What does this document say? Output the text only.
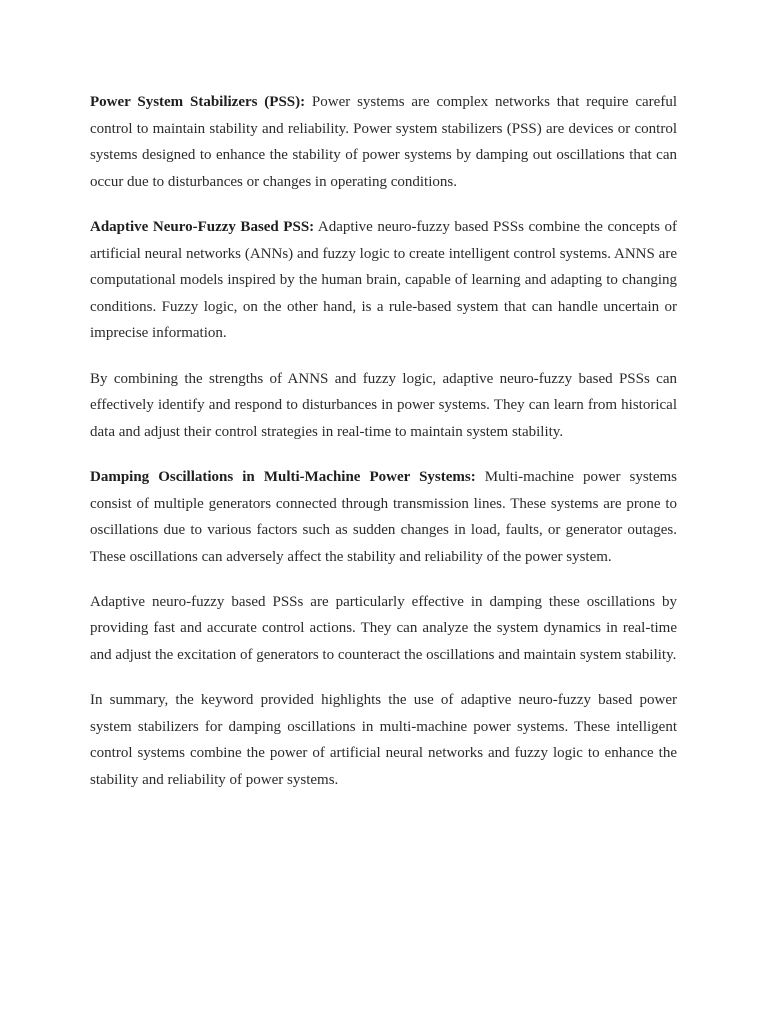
Power System Stabilizers (PSS): Power systems are complex networks that require careful control to maintain stability and reliability. Power system stabilizers (PSS) are devices or control systems designed to enhance the stability of power systems by damping out oscillations that can occur due to disturbances or changes in operating conditions.

Adaptive Neuro-Fuzzy Based PSS: Adaptive neuro-fuzzy based PSSs combine the concepts of artificial neural networks (ANNs) and fuzzy logic to create intelligent control systems. ANNS are computational models inspired by the human brain, capable of learning and adapting to changing conditions. Fuzzy logic, on the other hand, is a rule-based system that can handle uncertain or imprecise information.

By combining the strengths of ANNS and fuzzy logic, adaptive neuro-fuzzy based PSSs can effectively identify and respond to disturbances in power systems. They can learn from historical data and adjust their control strategies in real-time to maintain system stability.

Damping Oscillations in Multi-Machine Power Systems: Multi-machine power systems consist of multiple generators connected through transmission lines. These systems are prone to oscillations due to various factors such as sudden changes in load, faults, or generator outages. These oscillations can adversely affect the stability and reliability of the power system.

Adaptive neuro-fuzzy based PSSs are particularly effective in damping these oscillations by providing fast and accurate control actions. They can analyze the system dynamics in real-time and adjust the excitation of generators to counteract the oscillations and maintain system stability.

In summary, the keyword provided highlights the use of adaptive neuro-fuzzy based power system stabilizers for damping oscillations in multi-machine power systems. These intelligent control systems combine the power of artificial neural networks and fuzzy logic to enhance the stability and reliability of power systems.
